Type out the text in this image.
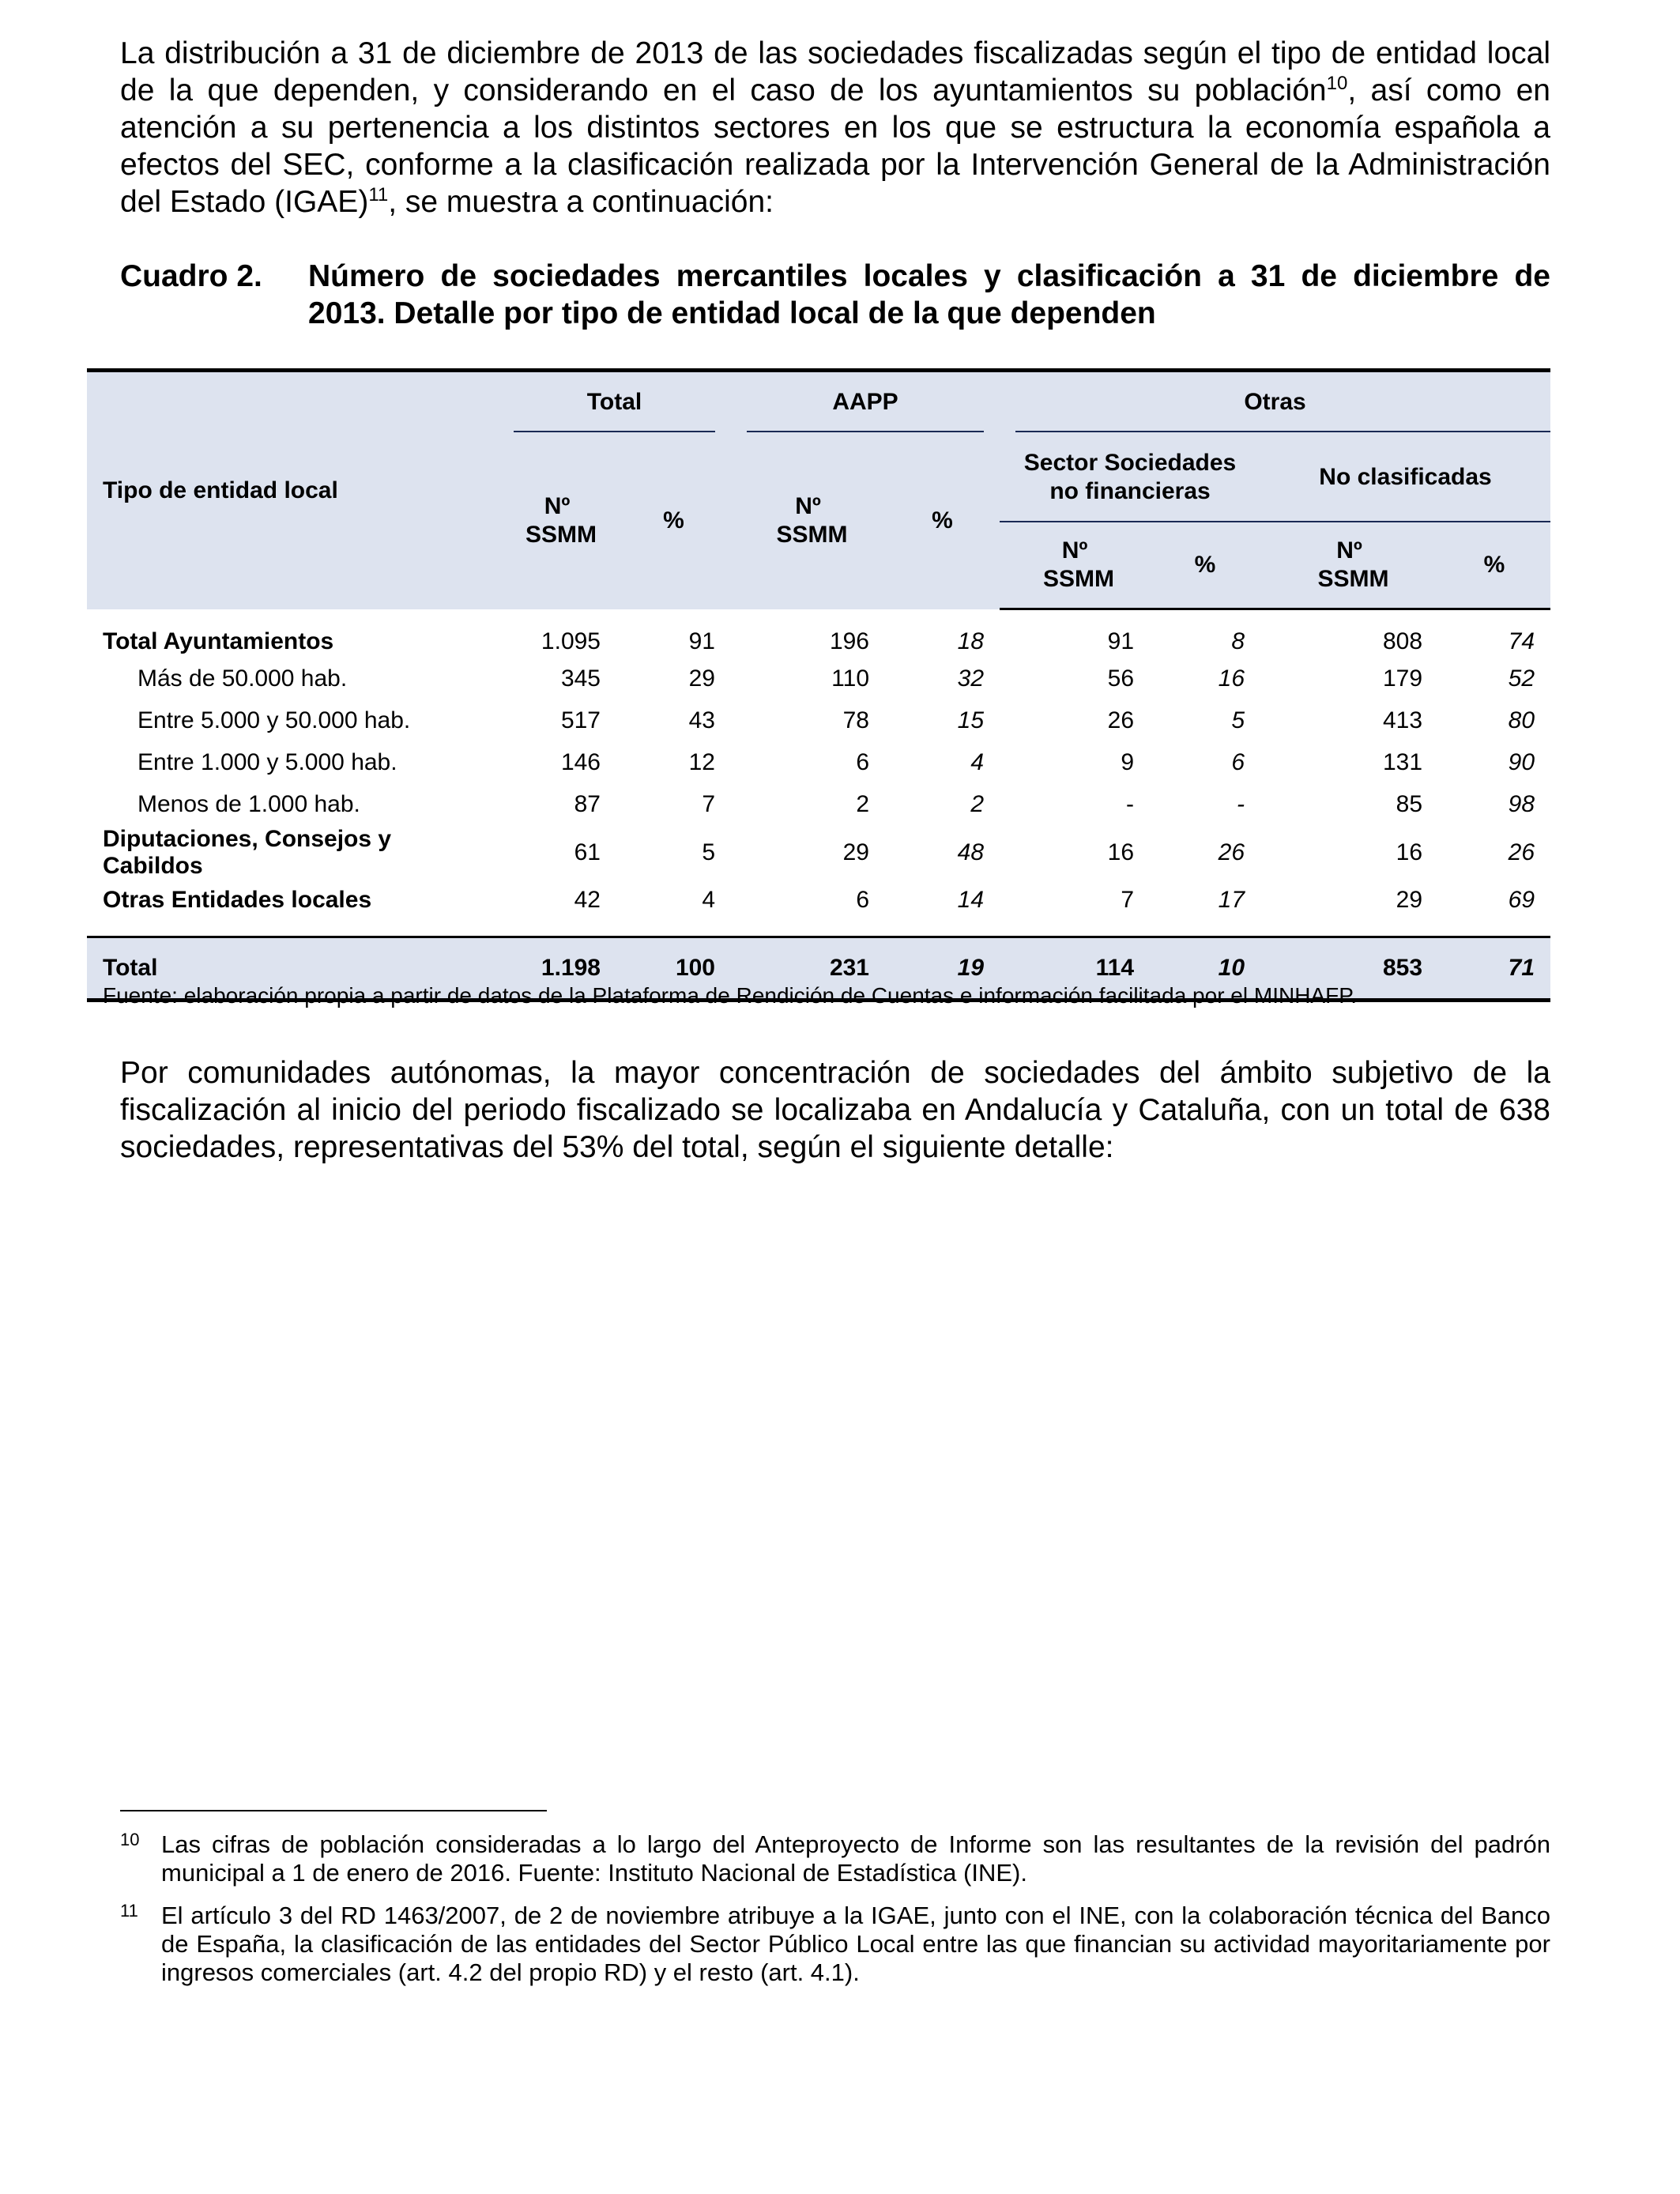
La distribución a 31 de diciembre de 2013 de las sociedades fiscalizadas según el tipo de entidad local de la que dependen, y considerando en el caso de los ayuntamientos su población$^{10}$, así como en atención a su pertenencia a los distintos sectores en los que se estructura la economía española a efectos del SEC, conforme a la clasificación realizada por la Intervención General de la Administración del Estado (IGAE)$^{11}$, se muestra a continuación:

Cuadro 2. Número de sociedades mercantiles locales y clasificación a 31 de diciembre de 2013. Detalle por tipo de entidad local de la que dependen
Tipo de entidad local	Total		AAPP		Otras			
	Nº SSMM	%	Nº SSMM	%	Sector Sociedades no financieras		No clasificadas	
					Nº SSMM	%	Nº SSMM	%
Total Ayuntamientos	1.095	91	196	18	91	8	808	74
Más de 50.000 hab.	345	29	110	32	56	16	179	52
Entre 5.000 y 50.000 hab.	517	43	78	15	26	5	413	80
Entre 1.000 y 5.000 hab.	146	12	6	4	9	6	131	90
Menos de 1.000 hab.	87	7	2	2	-	-	85	98
Diputaciones, Consejos y Cabildos	61	5	29	48	16	26	16	26
Otras Entidades locales	42	4	6	14	7	17	29	69

Total	1.198	100	231	19	114	10	853	71
Fuente: elaboración propia a partir de datos de la Plataforma de Rendición de Cuentas e información facilitada por el MINHAFP.

Por comunidades autónomas, la mayor concentración de sociedades del ámbito subjetivo de la fiscalización al inicio del periodo fiscalizado se localizaba en Andalucía y Cataluña, con un total de 638 sociedades, representativas del 53% del total, según el siguiente detalle:

10 Las cifras de población consideradas a lo largo del Anteproyecto de Informe son las resultantes de la revisión del padrón municipal a 1 de enero de 2016. Fuente: Instituto Nacional de Estadística (INE).
11 El artículo 3 del RD 1463/2007, de 2 de noviembre atribuye a la IGAE, junto con el INE, con la colaboración técnica del Banco de España, la clasificación de las entidades del Sector Público Local entre las que financian su actividad mayoritariamente por ingresos comerciales (art. 4.2 del propio RD) y el resto (art. 4.1).
